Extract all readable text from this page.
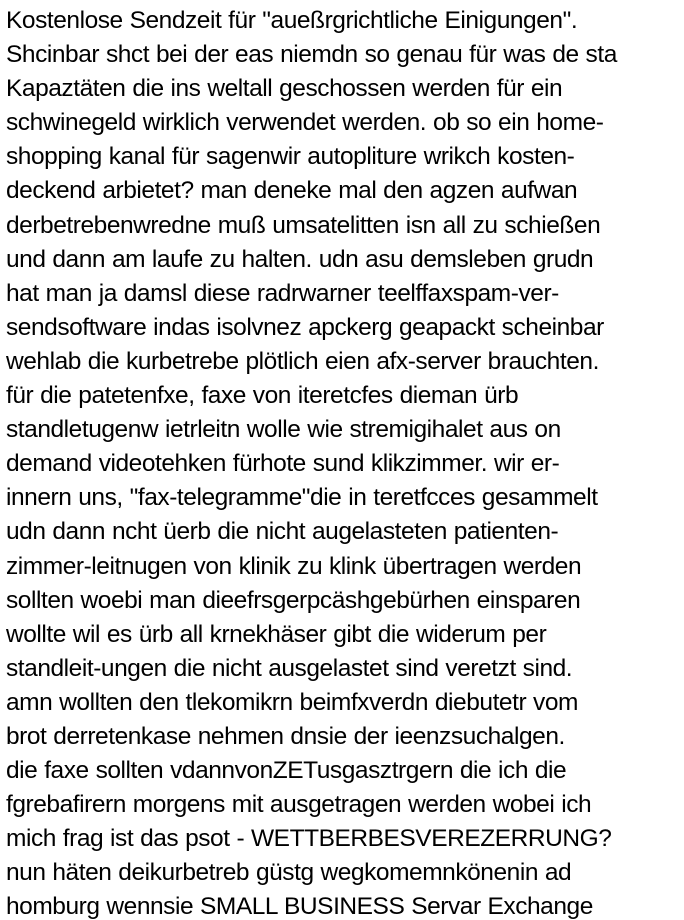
Kostenlose Sendzeit für "auеßrgrichtliche Einigungen".
Shcinbar shct bei der eas niemdn so genau für was de sta
Kapaztäten die ins weltall geschossen werden für ein
schwinegeld wirklich verwendet werden. ob so ein home-
shopping kanal für sagenwir autopliture wrikch kosten-
deckend arbietet? man deneke mal den agzen aufwan
derbetrebenwredne muß umsatelitten isn all zu schießen
und dann am laufe zu halten. udn asu demsleben grudn
hat man ja damsl diese radrwarner teelffaxspam-ver-
sendsoftware indas isolvnez apckerg geapackt scheinbar
wehlab die kurbetrebe plötlich eien afx-server brauchten.
für die patetenfxe, faxe von iteretcfes dieman ürb
standletugenw ietrleitn wolle wie stremigihalet aus on
demand videotehken fürhote sund klikzimmer. wir er-
innern uns, "fax-telegramme"die in teretfcces gesammelt
udn dann ncht üerb die nicht augelasteten patienten-
zimmer-leitnugen von klinik zu klink übertragen werden
sollten woebi man dieefrsgerpcäshgebürhen einsparen
wollte wil es ürb all krnekhäser gibt die widerum per
standleit-ungen die nicht ausgelastet sind veretzt sind.
amn wollten den tlekomikrn beimfxverdn diebutetr vom
brot derretenkase nehmen dnsie der ieenzsuchalgen.
die faxe sollten vdannvonZETusgasztrgern die ich die
fgrebafirern morgens mit ausgetragen werden wobei ich
mich frag ist das psot - WETTBERBESVEREZERRUNG?
nun häten deikurbetreb güstg wegkomemnkönenin ad
homburg wennsie SMALL BUSINESS Servar Exchange
